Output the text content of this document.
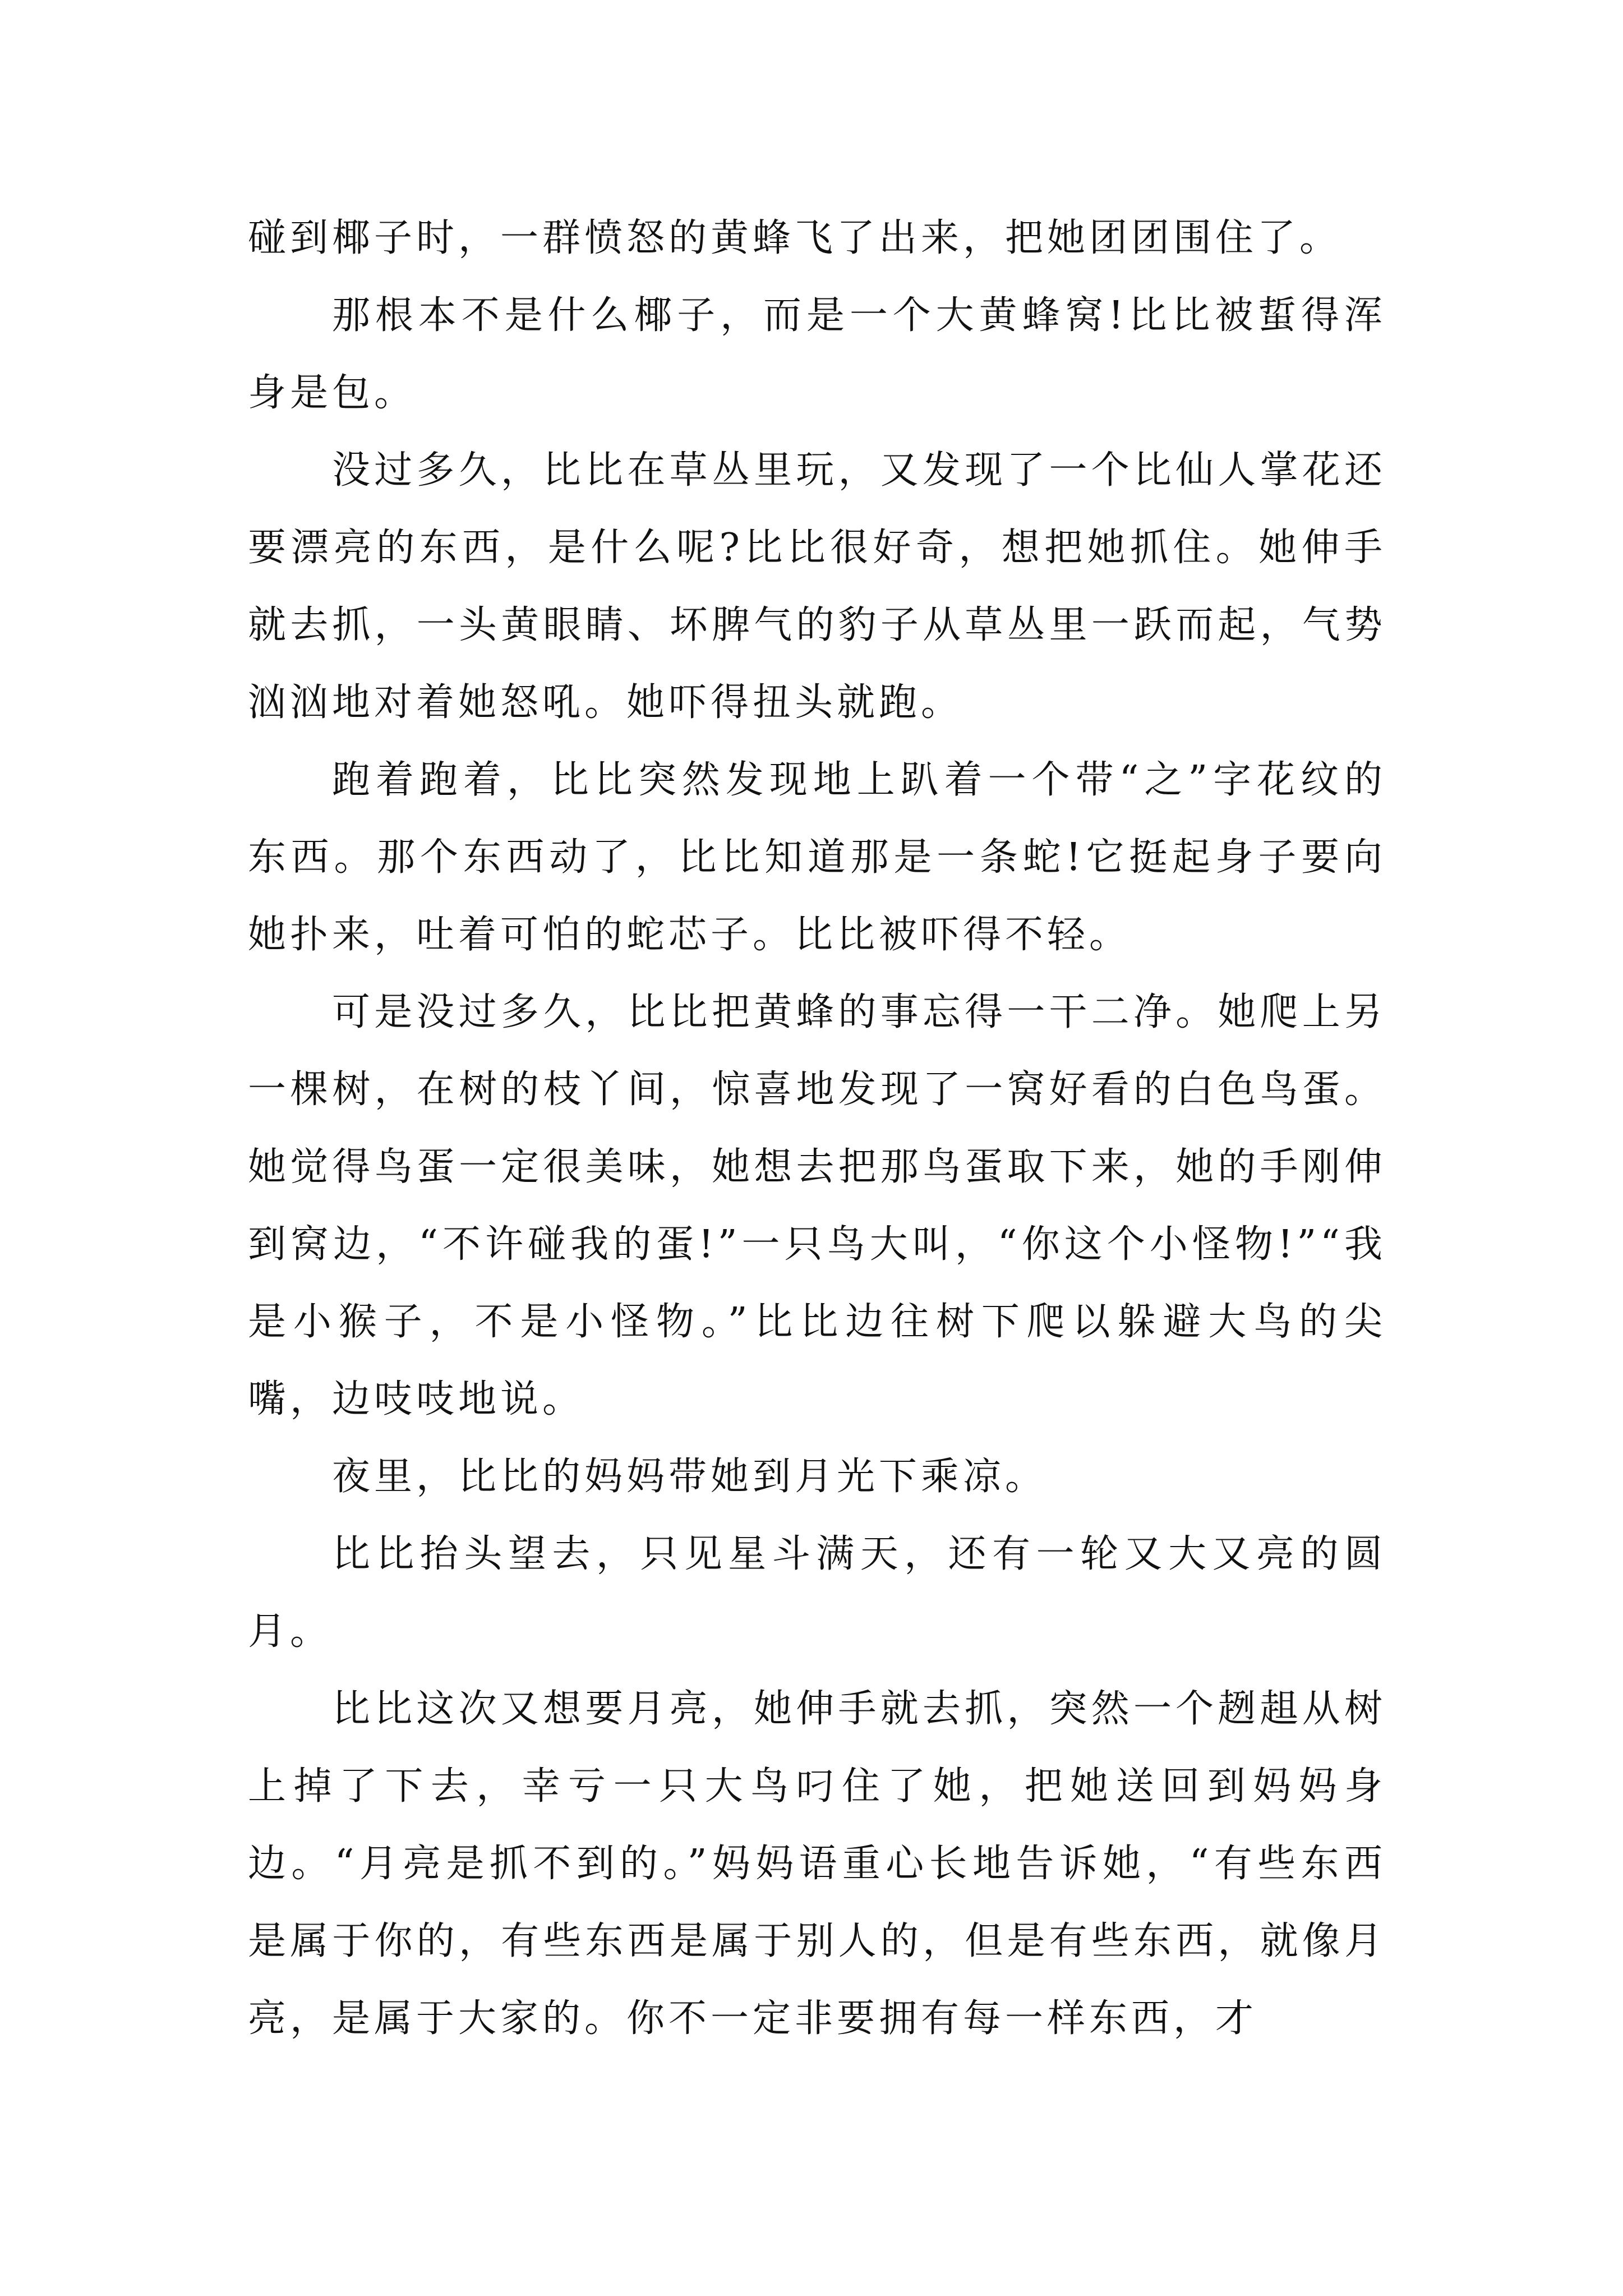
碰到椰子时，一群愤怒的黄蜂飞了出来，把她团团围住了。

那根本不是什么椰子，而是一个大黄蜂窝!比比被蜇得浑身是包。

没过多久，比比在草丛里玩，又发现了一个比仙人掌花还要漂亮的东西，是什么呢?比比很好奇，想把她抓住。她伸手就去抓，一头黄眼睛、坏脾气的豹子从草丛里一跃而起，气势汹汹地对着她怒吼。她吓得扭头就跑。

跑着跑着，比比突然发现地上趴着一个带“之”字花纹的东西。那个东西动了，比比知道那是一条蛇!它挺起身子要向她扑来，吐着可怕的蛇芯子。比比被吓得不轻。

可是没过多久，比比把黄蜂的事忘得一干二净。她爬上另一棵树，在树的枝丫间，惊喜地发现了一窝好看的白色鸟蛋。她觉得鸟蛋一定很美味，她想去把那鸟蛋取下来，她的手刚伸到窝边，“不许碰我的蛋!”一只鸟大叫，“你这个小怪物!”“我是小猴子，不是小怪物。”比比边往树下爬以躲避大鸟的尖嘴，边吱吱地说。

夜里，比比的妈妈带她到月光下乘凉。

比比抬头望去，只见星斗满天，还有一轮又大又亮的圆月。

比比这次又想要月亮，她伸手就去抓，突然一个趔趄从树上掉了下去，幸亏一只大鸟叼住了她，把她送回到妈妈身边。“月亮是抓不到的。”妈妈语重心长地告诉她，“有些东西是属于你的，有些东西是属于别人的，但是有些东西，就像月亮，是属于大家的。你不一定非要拥有每一样东西，才
